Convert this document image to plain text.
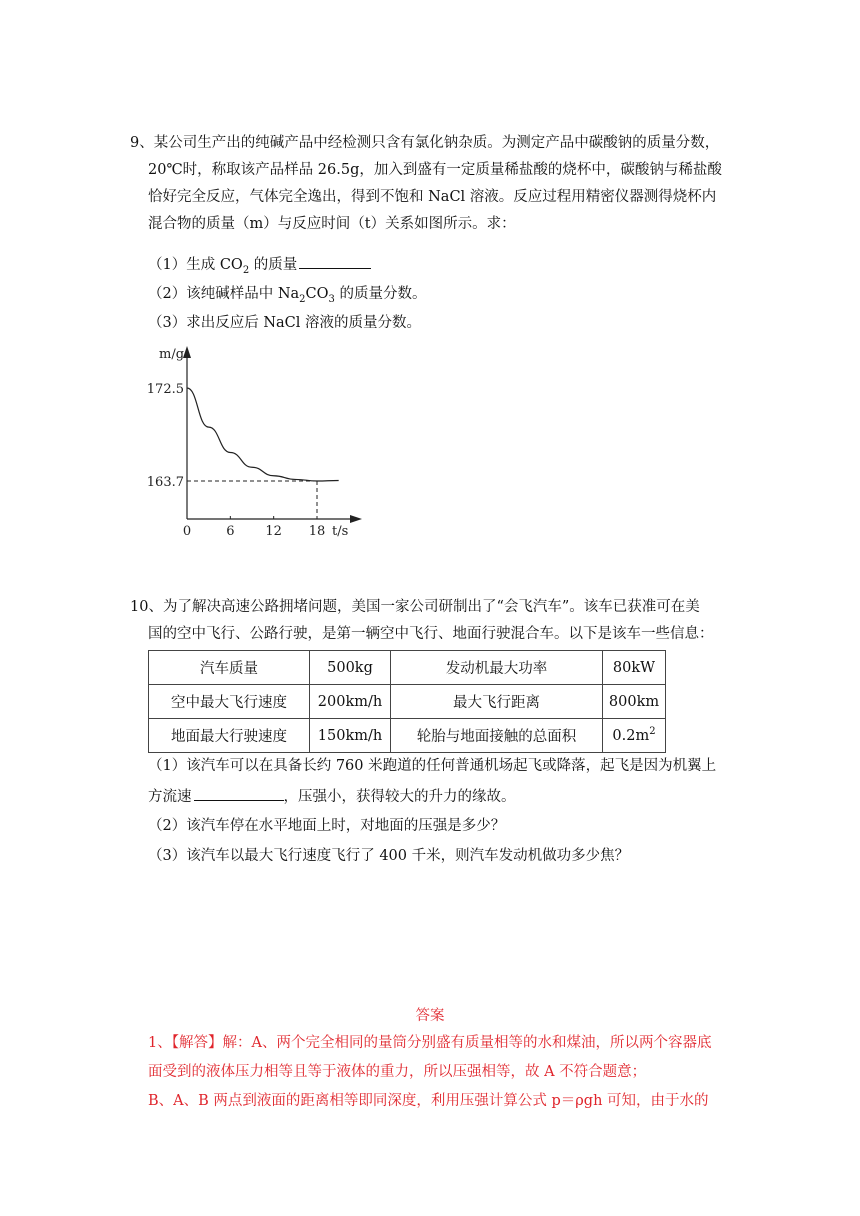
9、某公司生产出的纯碱产品中经检测只含有氯化钠杂质。为测定产品中碳酸钠的质量分数，
20℃时，称取该产品样品 26.5g，加入到盛有一定质量稀盐酸的烧杯中，碳酸钠与稀盐酸
恰好完全反应，气体完全逸出，得到不饱和 NaCl 溶液。反应过程用精密仪器测得烧杯内
混合物的质量（m）与反应时间（t）关系如图所示。求：
（1）生成 $CO_2$ 的质量
（2）该纯碱样品中 $Na_2CO_3$ 的质量分数。
（3）求出反应后 NaCl 溶液的质量分数。
m/g
t/s
0	6 12 18
172.5
163.7
10、为了解决高速公路拥堵问题，美国一家公司研制出了“会飞汽车”。该车已获准可在美
国的空中飞行、公路行驶，是第一辆空中飞行、地面行驶混合车。以下是该车一些信息：
汽车质量	500kg	发动机最大功率	80kW
空中最大飞行速度	200km/h	最大飞行距离	800km
地面最大行驶速度	150km/h	轮胎与地面接触的总面积	$0.2m^2$
（1）该汽车可以在具备长约 760 米跑道的任何普通机场起飞或降落，起飞是因为机翼上
方流速	，压强小，获得较大的升力的缘故。
（2）该汽车停在水平地面上时，对地面的压强是多少？
（3）该汽车以最大飞行速度飞行了 400 千米，则汽车发动机做功多少焦？
答案
1、【解答】解：A、两个完全相同的量筒分别盛有质量相等的水和煤油，所以两个容器底
面受到的液体压力相等且等于液体的重力，所以压强相等，故 A 不符合题意；
B、A、B 两点到液面的距离相等即同深度，利用压强计算公式 p＝ρgh 可知，由于水的
